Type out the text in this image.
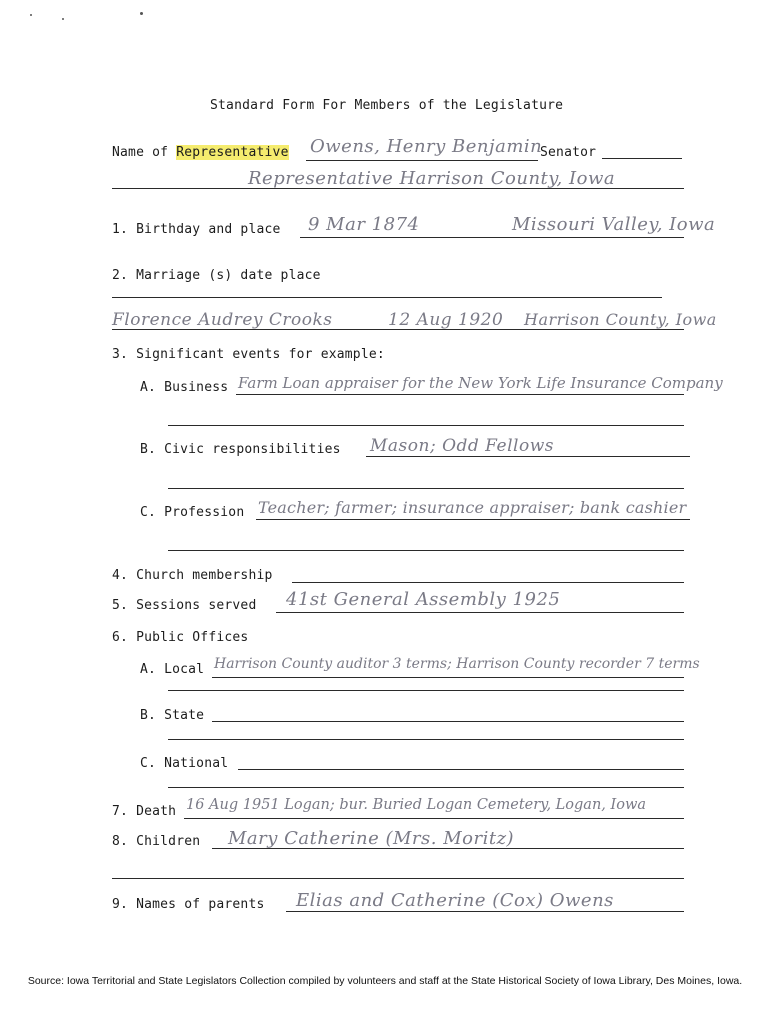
Standard Form For Members of the Legislature
Name of Representative Owens, Henry Benjamin
Senator
Representative Harrison County, Iowa
1. Birthday and place 9 Mar 1874	Missouri Valley, Iowa
2. Marriage (s) date place
Florence Audrey Crooks	12 Aug 1920 Harrison County, Iowa
3. Significant events for example:
A. Business Farm Loan appraiser for the New York Life Insurance Company
B. Civic responsibilities Mason; Odd Fellows
C. Profession Teacher; farmer; insurance appraiser; bank cashier
4. Church membership
5. Sessions served 41st General Assembly 1925
6. Public Offices
A. Local Harrison County auditor 3 terms; Harrison County recorder 7 terms
B. State
C. National
7. Death 16 Aug 1951 Logan; bur. Buried Logan Cemetery, Logan, Iowa
8. Children Mary Catherine (Mrs. Moritz)
9. Names of parents Elias and Catherine (Cox) Owens
Source: Iowa Territorial and State Legislators Collection compiled by volunteers and staff at the State Historical Society of Iowa Library, Des Moines, Iowa.
